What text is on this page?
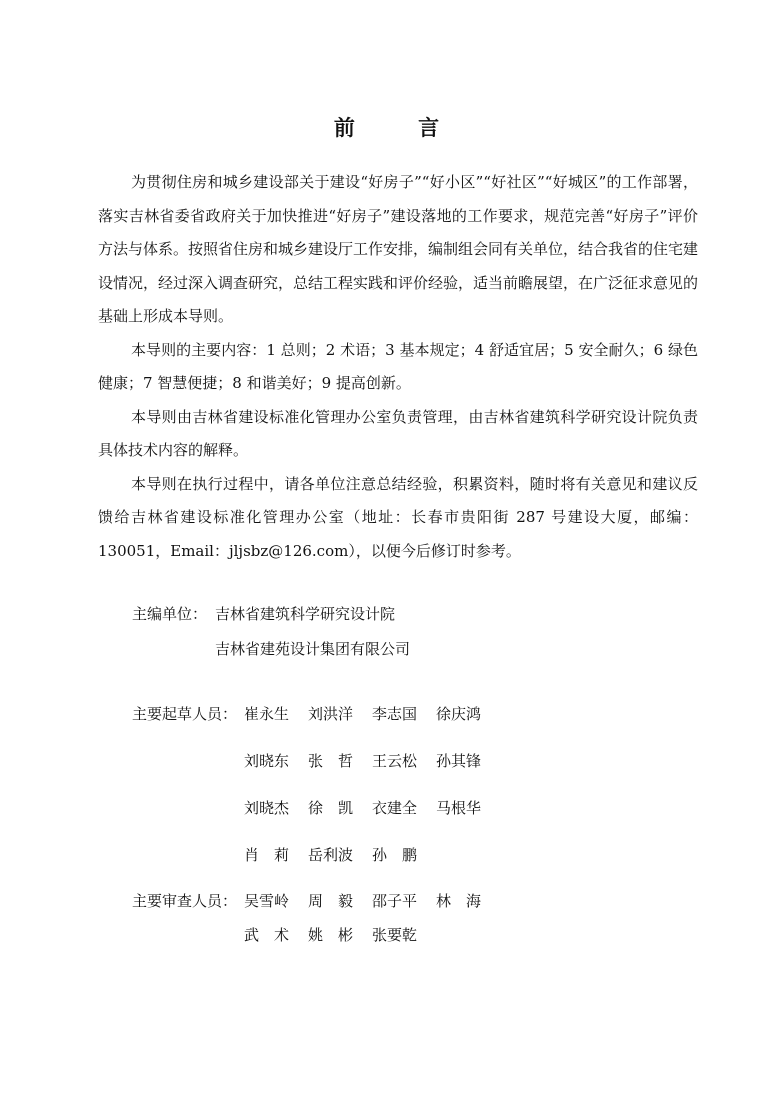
前 言

为贯彻住房和城乡建设部关于建设“好房子”“好小区”“好社区”“好城区”的工作部署，落实吉林省委省政府关于加快推进“好房子”建设落地的工作要求，规范完善“好房子”评价方法与体系。按照省住房和城乡建设厅工作安排，编制组会同有关单位，结合我省的住宅建设情况，经过深入调查研究，总结工程实践和评价经验，适当前瞻展望，在广泛征求意见的基础上形成本导则。

本导则的主要内容：1 总则；2 术语；3 基本规定；4 舒适宜居；5 安全耐久；6 绿色健康；7 智慧便捷；8 和谐美好；9 提高创新。

本导则由吉林省建设标准化管理办公室负责管理，由吉林省建筑科学研究设计院负责具体技术内容的解释。

本导则在执行过程中，请各单位注意总结经验，积累资料，随时将有关意见和建议反馈给吉林省建设标准化管理办公室（地址：长春市贵阳街 287 号建设大厦，邮编：130051，Email：jljsbz@126.com），以便今后修订时参考。

主编单位： 吉林省建筑科学研究设计院
吉林省建苑设计集团有限公司
主要起草人员： 崔永生 刘洪洋 李志国 徐庆鸿
刘晓东 张　哲 王云松 孙其锋
刘晓杰 徐　凯 衣建全 马根华
肖　莉 岳利波 孙　鹏
主要审查人员： 吴雪岭 周　毅 邵子平 林　海
武　术 姚　彬 张要乾
